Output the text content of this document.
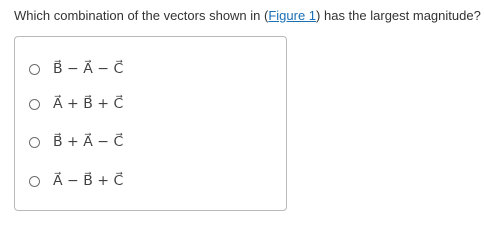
Which combination of the vectors shown in (Figure 1) has the largest magnitude?
B⃗ − A⃗ − C⃗
A⃗ + B⃗ + C⃗
B⃗ + A⃗ − C⃗
A⃗ − B⃗ + C⃗
